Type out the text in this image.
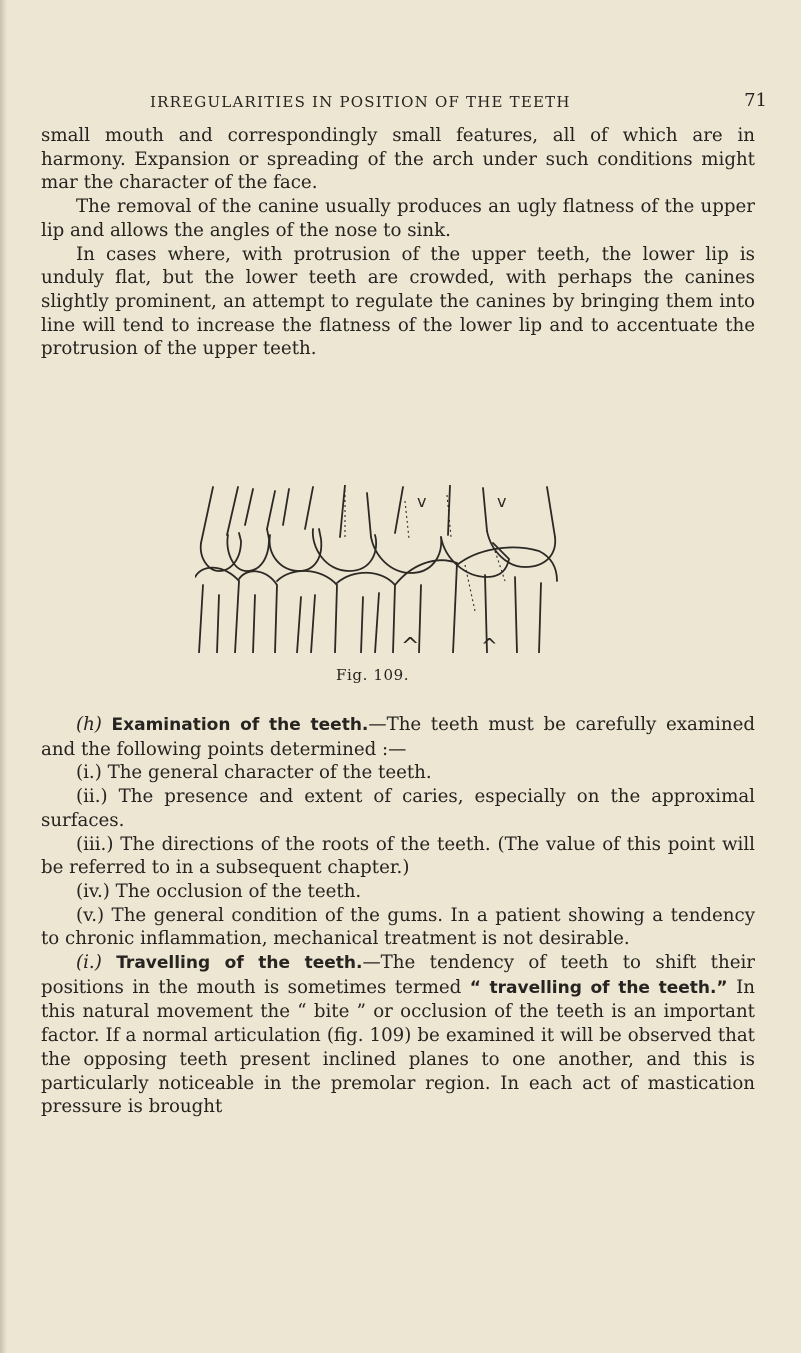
IRREGULARITIES IN POSITION OF THE TEETH	71

small mouth and correspondingly small features, all of which are in harmony. Expansion or spreading of the arch under such conditions might mar the character of the face.

The removal of the canine usually produces an ugly flatness of the upper lip and allows the angles of the nose to sink.

In cases where, with protrusion of the upper teeth, the lower lip is unduly flat, but the lower teeth are crowded, with perhaps the canines slightly prominent, an attempt to regulate the canines by bringing them into line will tend to increase the flatness of the lower lip and to accentuate the protrusion of the upper teeth.

v	v
^	^
Fig. 109.

(h) Examination of the teeth.—The teeth must be carefully examined and the following points determined :—

(i.) The general character of the teeth.

(ii.) The presence and extent of caries, especially on the approximal surfaces.

(iii.) The directions of the roots of the teeth. (The value of this point will be referred to in a subsequent chapter.)

(iv.) The occlusion of the teeth.

(v.) The general condition of the gums. In a patient showing a tendency to chronic inflammation, mechanical treatment is not desirable.

(i.) Travelling of the teeth.—The tendency of teeth to shift their positions in the mouth is sometimes termed “ travelling of the teeth.” In this natural movement the “ bite ” or occlusion of the teeth is an important factor. If a normal articulation (fig. 109) be examined it will be observed that the opposing teeth present inclined planes to one another, and this is particularly noticeable in the premolar region. In each act of mastication pressure is brought
